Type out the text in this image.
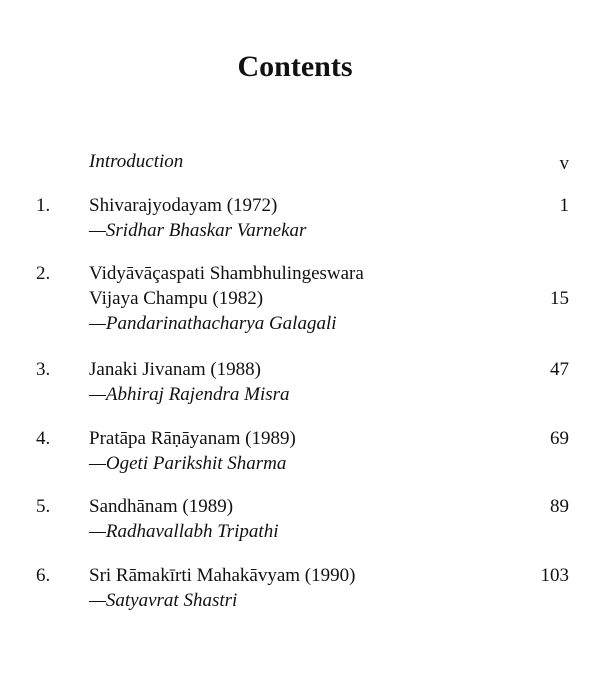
Contents
Introduction	v
1. Shivarajyodayam (1972)
—Sridhar Bhaskar Varnekar
1
2. Vidyāvāçaspati Shambhulingeswara
Vijaya Champu (1982)
—Pandarinathacharya Galagali
15
3. Janaki Jivanam (1988)
—Abhiraj Rajendra Misra
47
4. Pratāpa Rāṇāyanam (1989)
—Ogeti Parikshit Sharma
69
5. Sandhānam (1989)
—Radhavallabh Tripathi
89
6. Sri Rāmakīrti Mahakāvyam (1990)
—Satyavrat Shastri
103
